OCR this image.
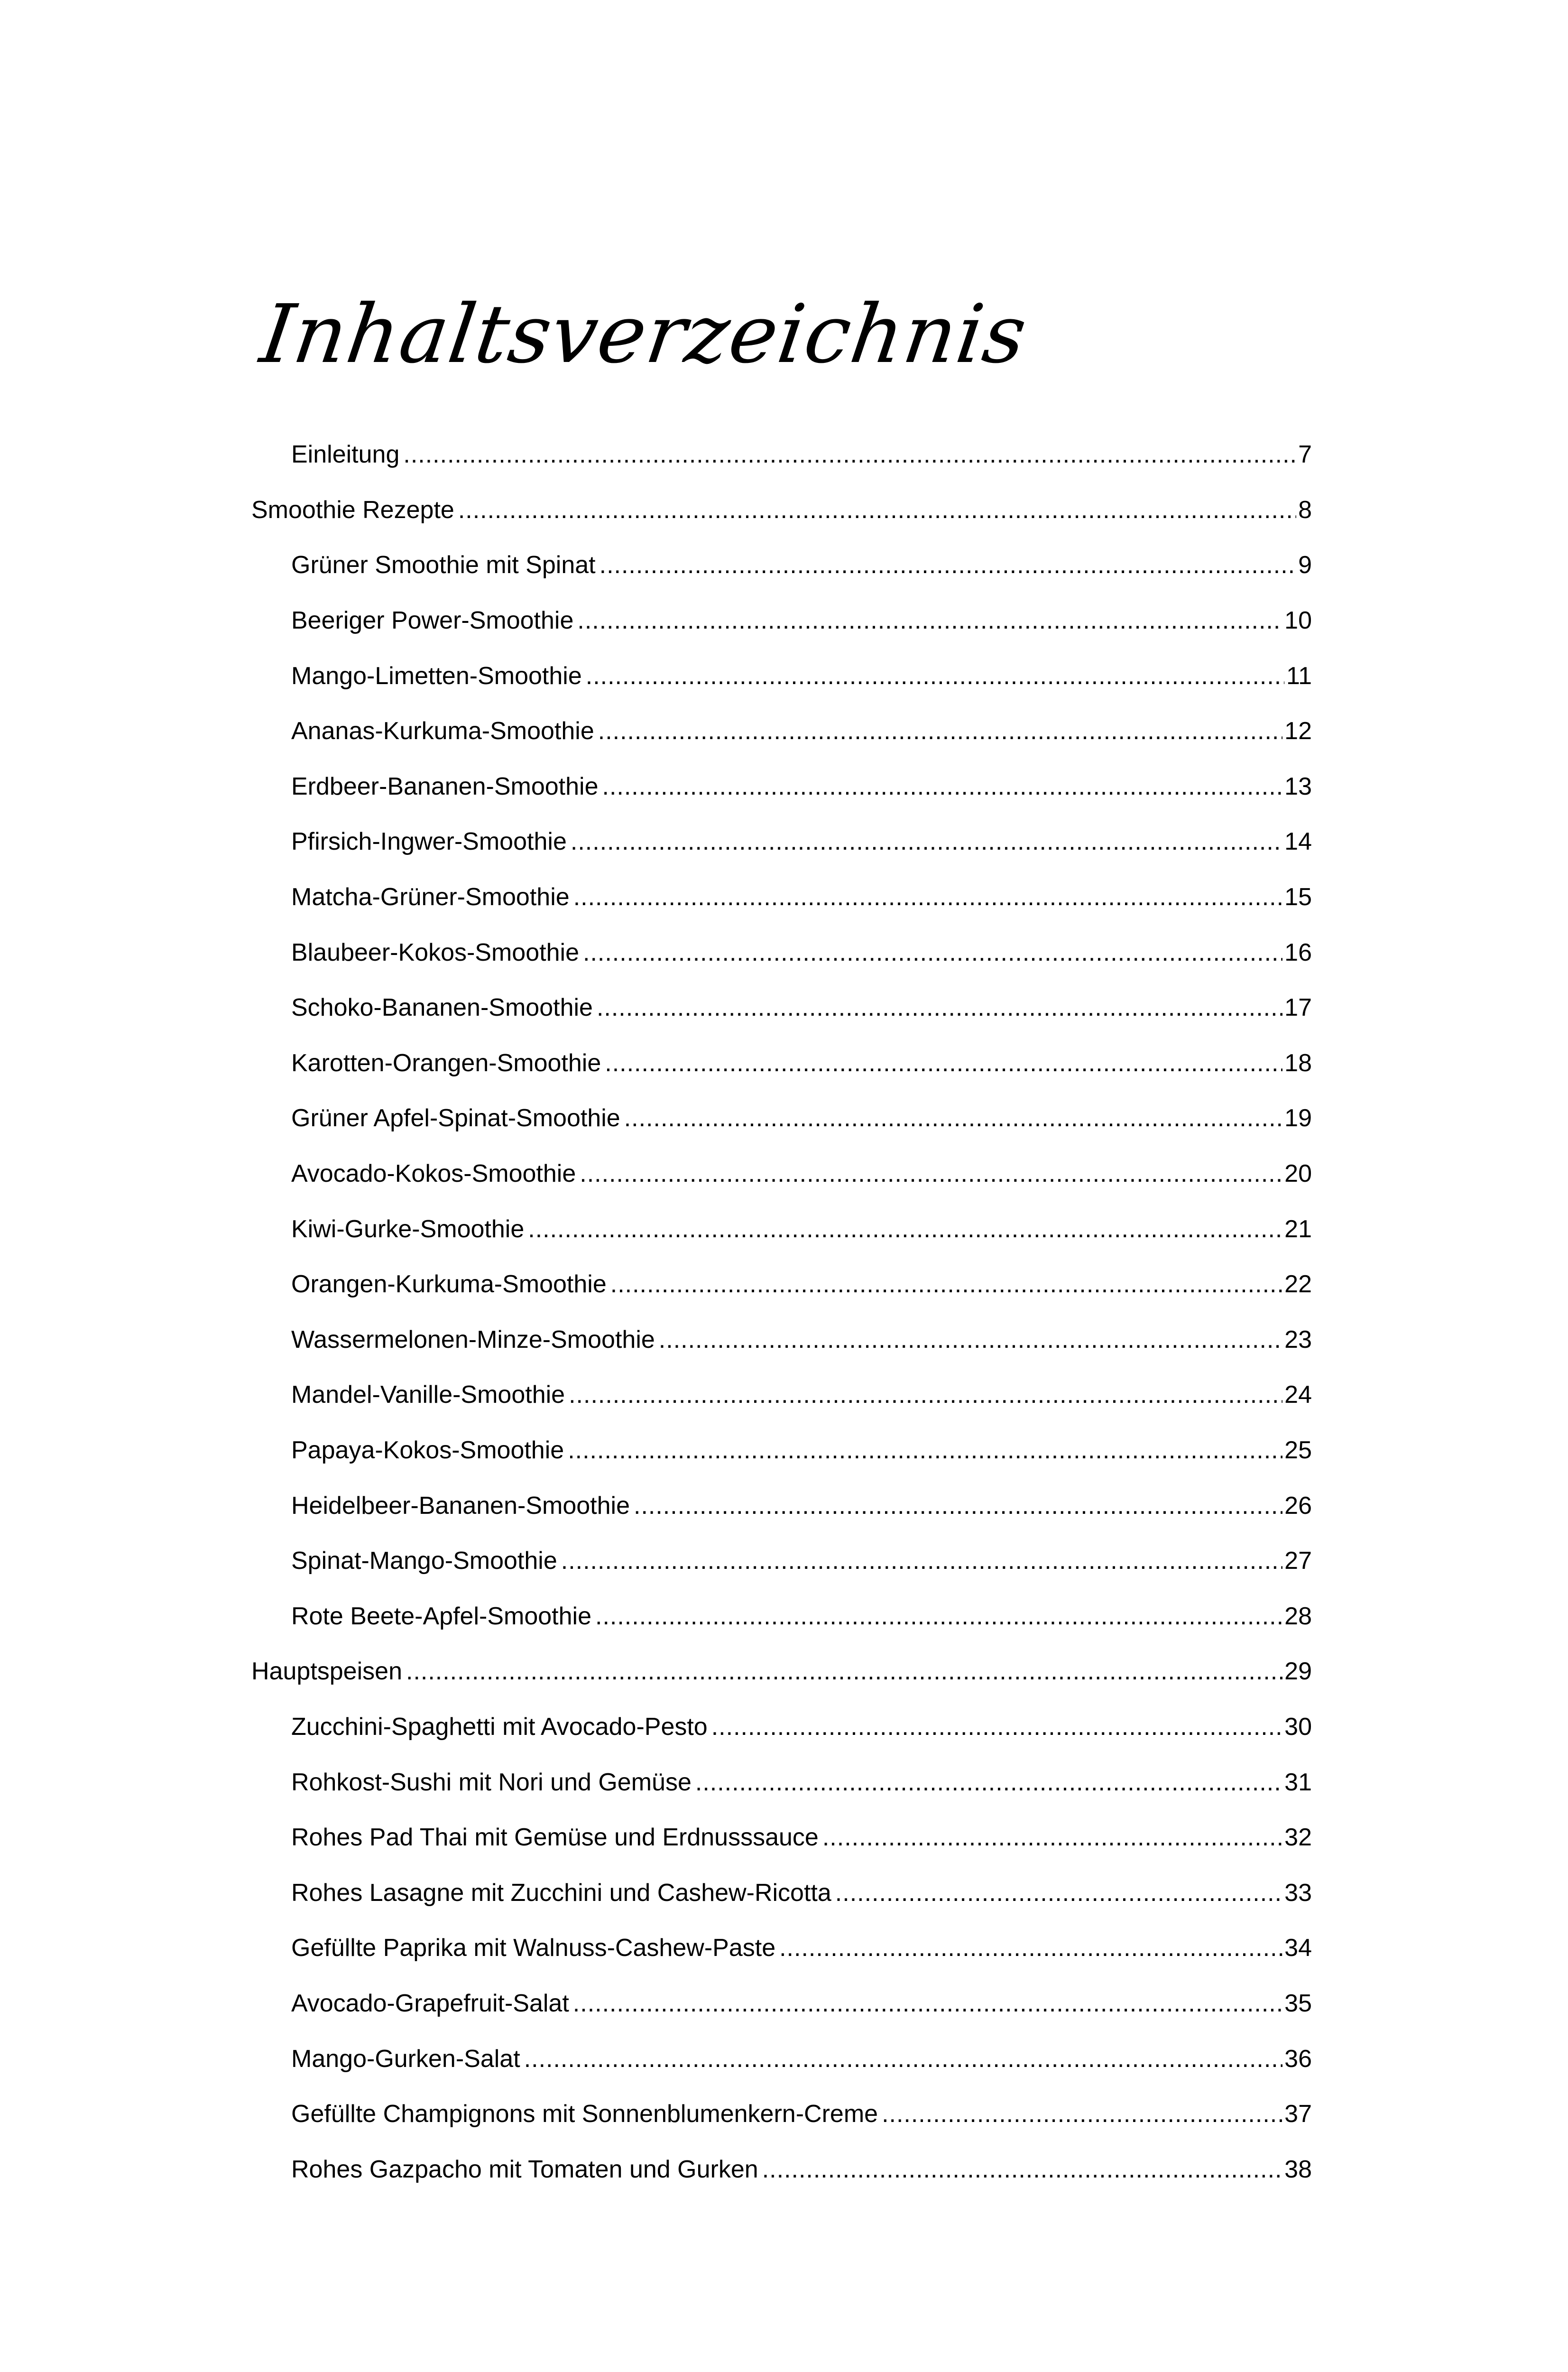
Inhaltsverzeichnis
Einleitung .....	7
Smoothie Rezepte .....	8
Grüner Smoothie mit Spinat .....	9
Beeriger Power-Smoothie .....	10
Mango-Limetten-Smoothie .....	11
Ananas-Kurkuma-Smoothie .....	12
Erdbeer-Bananen-Smoothie .....	13
Pfirsich-Ingwer-Smoothie .....	14
Matcha-Grüner-Smoothie .....	15
Blaubeer-Kokos-Smoothie .....	16
Schoko-Bananen-Smoothie .....	17
Karotten-Orangen-Smoothie .....	18
Grüner Apfel-Spinat-Smoothie .....	19
Avocado-Kokos-Smoothie .....	20
Kiwi-Gurke-Smoothie .....	21
Orangen-Kurkuma-Smoothie .....	22
Wassermelonen-Minze-Smoothie .....	23
Mandel-Vanille-Smoothie .....	24
Papaya-Kokos-Smoothie .....	25
Heidelbeer-Bananen-Smoothie .....	26
Spinat-Mango-Smoothie .....	27
Rote Beete-Apfel-Smoothie .....	28
Hauptspeisen .....	29
Zucchini-Spaghetti mit Avocado-Pesto .....	30
Rohkost-Sushi mit Nori und Gemüse .....	31
Rohes Pad Thai mit Gemüse und Erdnusssauce .....	32
Rohes Lasagne mit Zucchini und Cashew-Ricotta .....	33
Gefüllte Paprika mit Walnuss-Cashew-Paste .....	34
Avocado-Grapefruit-Salat .....	35
Mango-Gurken-Salat .....	36
Gefüllte Champignons mit Sonnenblumenkern-Creme .....	37
Rohes Gazpacho mit Tomaten und Gurken .....	38
